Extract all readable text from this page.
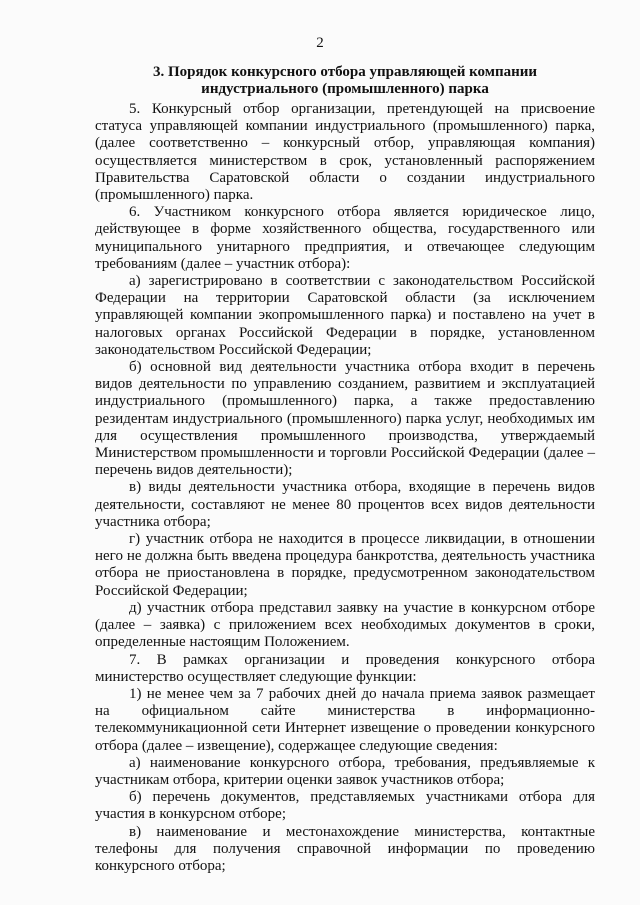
2
3. Порядок конкурсного отбора управляющей компании индустриального (промышленного) парка

5. Конкурсный отбор организации, претендующей на присвоение статуса управляющей компании индустриального (промышленного) парка, (далее соответственно – конкурсный отбор, управляющая компания) осуществляется министерством в срок, установленный распоряжением Правительства Саратовской области о создании индустриального (промышленного) парка.

6. Участником конкурсного отбора является юридическое лицо, действующее в форме хозяйственного общества, государственного или муниципального унитарного предприятия, и отвечающее следующим требованиям (далее – участник отбора):

а) зарегистрировано в соответствии с законодательством Российской Федерации на территории Саратовской области (за исключением управляющей компании экопромышленного парка) и поставлено на учет в налоговых органах Российской Федерации в порядке, установленном законодательством Российской Федерации;

б) основной вид деятельности участника отбора входит в перечень видов деятельности по управлению созданием, развитием и эксплуатацией индустриального (промышленного) парка, а также предоставлению резидентам индустриального (промышленного) парка услуг, необходимых им для осуществления промышленного производства, утверждаемый Министерством промышленности и торговли Российской Федерации (далее – перечень видов деятельности);

в) виды деятельности участника отбора, входящие в перечень видов деятельности, составляют не менее 80 процентов всех видов деятельности участника отбора;

г) участник отбора не находится в процессе ликвидации, в отношении него не должна быть введена процедура банкротства, деятельность участника отбора не приостановлена в порядке, предусмотренном законодательством Российской Федерации;

д) участник отбора представил заявку на участие в конкурсном отборе (далее – заявка) с приложением всех необходимых документов в сроки, определенные настоящим Положением.

7. В рамках организации и проведения конкурсного отбора министерство осуществляет следующие функции:

1) не менее чем за 7 рабочих дней до начала приема заявок размещает на официальном сайте министерства в информационно-телекоммуникационной сети Интернет извещение о проведении конкурсного отбора (далее – извещение), содержащее следующие сведения:

а) наименование конкурсного отбора, требования, предъявляемые к участникам отбора, критерии оценки заявок участников отбора;

б) перечень документов, представляемых участниками отбора для участия в конкурсном отборе;

в) наименование и местонахождение министерства, контактные телефоны для получения справочной информации по проведению конкурсного отбора;
